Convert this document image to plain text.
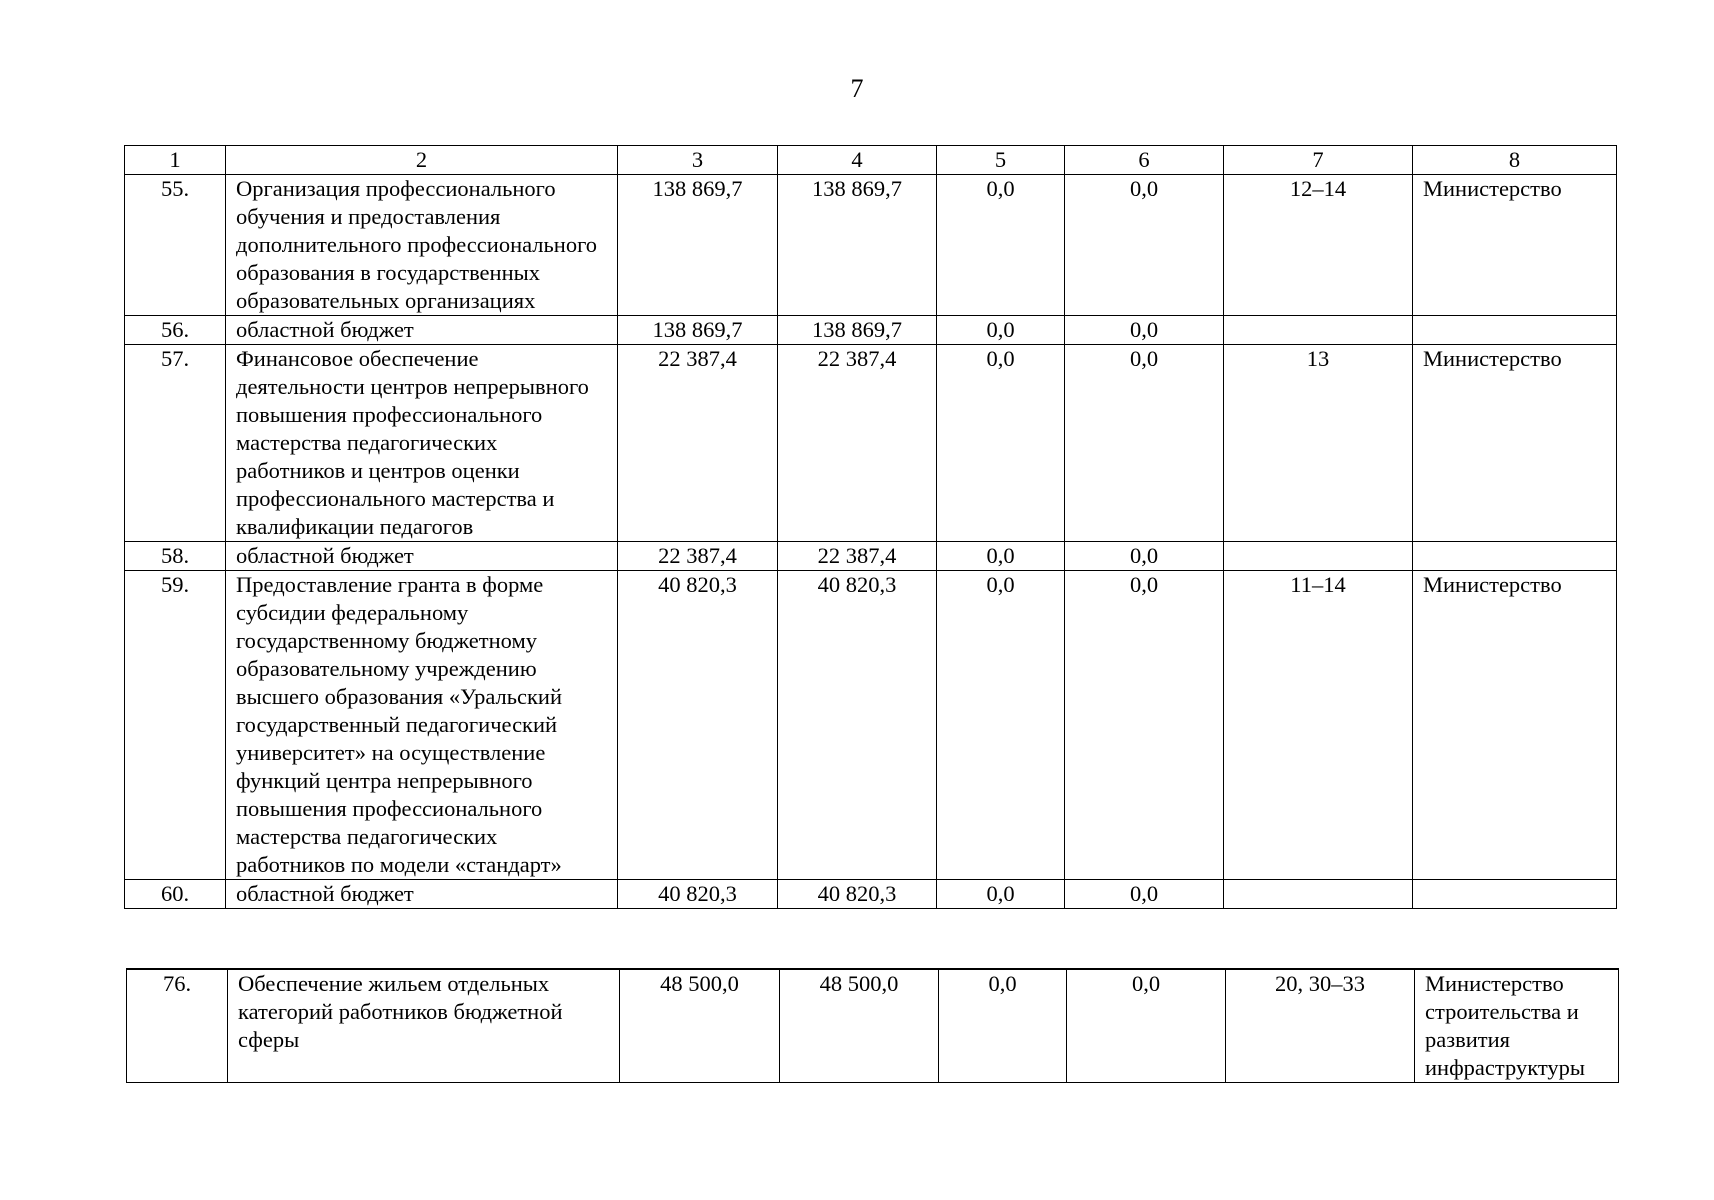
7
1	2	3	4	5	6	7	8
55.	Организация профессионального обучения и предоставления дополнительного профессионального образования в государственных образовательных организациях	138 869,7	138 869,7	0,0	0,0	12–14	Министерство
56.	областной бюджет	138 869,7	138 869,7	0,0	0,0		
57.	Финансовое обеспечение деятельности центров непрерывного повышения профессионального мастерства педагогических работников и центров оценки профессионального мастерства и квалификации педагогов	22 387,4	22 387,4	0,0	0,0	13	Министерство
58.	областной бюджет	22 387,4	22 387,4	0,0	0,0		
59.	Предоставление гранта в форме субсидии федеральному государственному бюджетному образовательному учреждению высшего образования «Уральский государственный педагогический университет» на осуществление функций центра непрерывного повышения профессионального мастерства педагогических работников по модели «стандарт»	40 820,3	40 820,3	0,0	0,0	11–14	Министерство
60.	областной бюджет	40 820,3	40 820,3	0,0	0,0		
76.	Обеспечение жильем отдельных категорий работников бюджетной сферы	48 500,0	48 500,0	0,0	0,0	20, 30–33	Министерство строительства и развития инфраструктуры
